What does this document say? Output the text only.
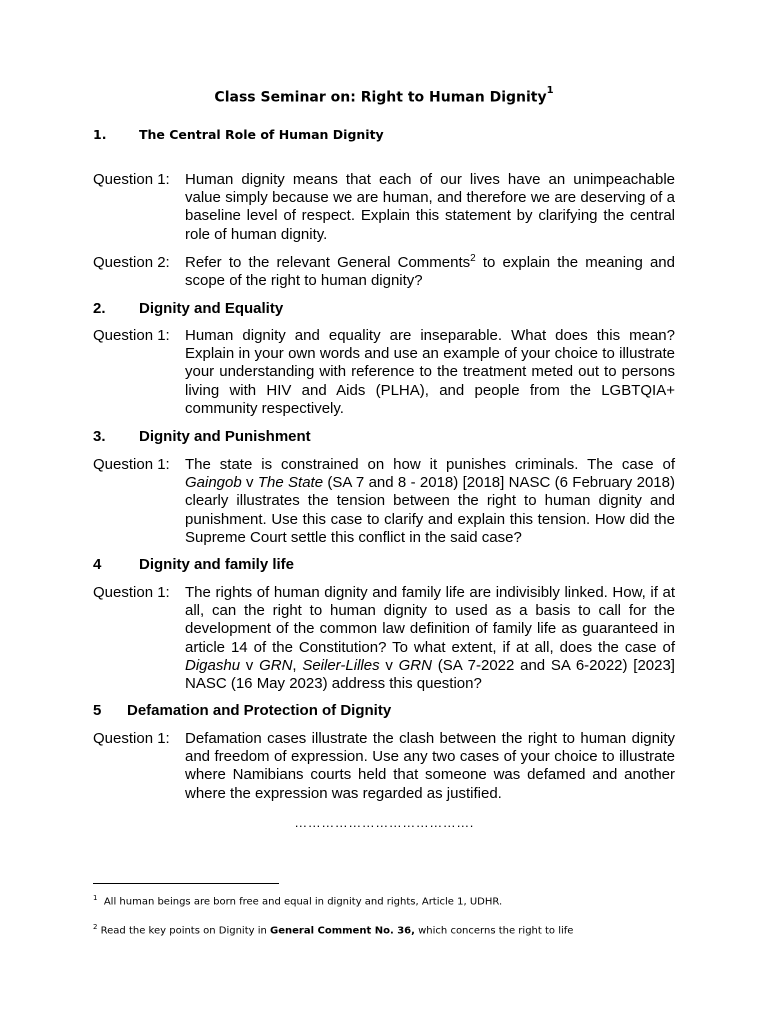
Class Seminar on: Right to Human Dignity$^1$
1.	The Central Role of Human Dignity
Question 1:	Human dignity means that each of our lives have an unimpeachable value simply because we are human, and therefore we are deserving of a baseline level of respect. Explain this statement by clarifying the central role of human dignity.
Question 2:	Refer to the relevant General Comments$^2$ to explain the meaning and scope of the right to human dignity?
2. Dignity and Equality
Question 1:	Human dignity and equality are inseparable. What does this mean? Explain in your own words and use an example of your choice to illustrate your understanding with reference to the treatment meted out to persons living with HIV and Aids (PLHA), and people from the LGBTQIA+ community respectively.
3. Dignity and Punishment
Question 1:	The state is constrained on how it punishes criminals. The case of Gaingob v The State (SA 7 and 8 - 2018) [2018] NASC (6 February 2018) clearly illustrates the tension between the right to human dignity and punishment. Use this case to clarify and explain this tension. How did the Supreme Court settle this conflict in the said case?
4	Dignity and family life
Question 1:	The rights of human dignity and family life are indivisibly linked. How, if at all, can the right to human dignity to used as a basis to call for the development of the common law definition of family life as guaranteed in article 14 of the Constitution? To what extent, if at all, does the case of Digashu v GRN, Seiler-Lilles v GRN (SA 7-2022 and SA 6-2022) [2023] NASC (16 May 2023) address this question?
5 Defamation and Protection of Dignity
Question 1:	Defamation cases illustrate the clash between the right to human dignity and freedom of expression. Use any two cases of your choice to illustrate where Namibians courts held that someone was defamed and another where the expression was regarded as justified.
………………………………….
$^1$  All human beings are born free and equal in dignity and rights, Article 1, UDHR.
$^2$ Read the key points on Dignity in General Comment No. 36, which concerns the right to life
